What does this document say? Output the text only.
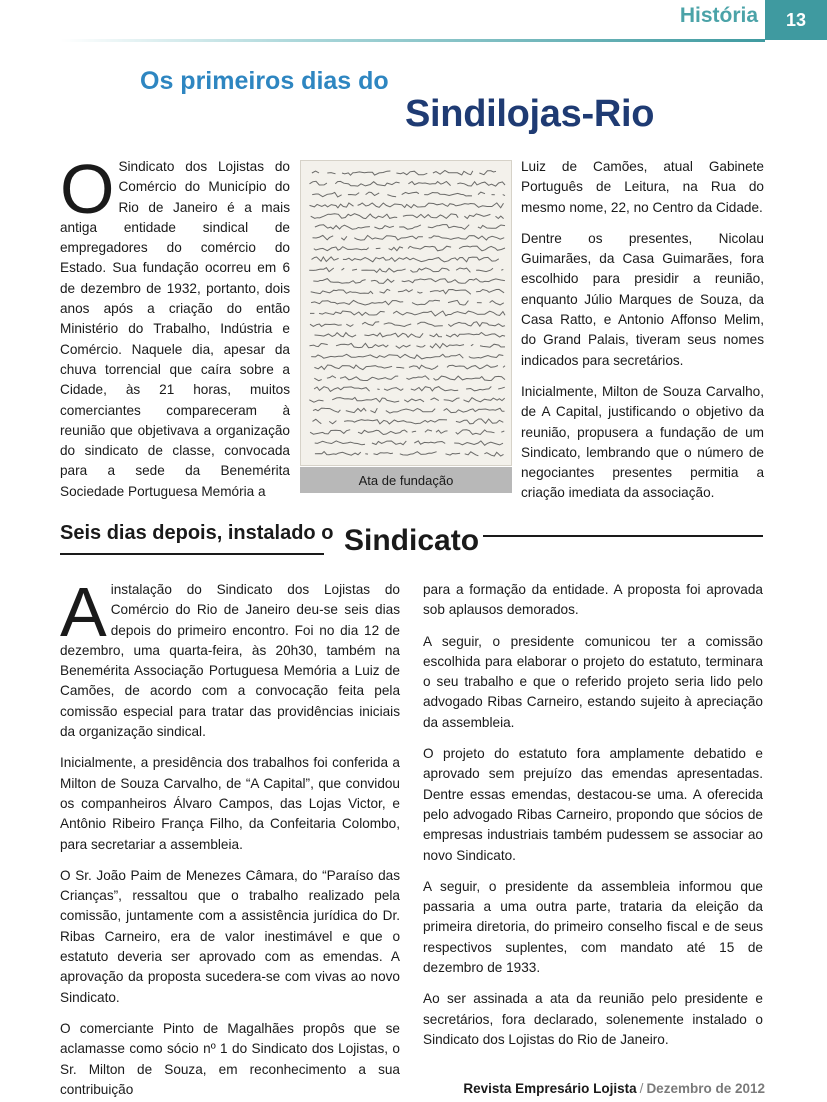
História	13
Os primeiros dias do
Sindilojas-Rio
O Sindicato dos Lojistas do Comércio do Município do Rio de Janeiro é a mais antiga entidade sindical de empregadores do comércio do Estado. Sua fundação ocorreu em 6 de dezembro de 1932, portanto, dois anos após a criação do então Ministério do Trabalho, Indústria e Comércio. Naquele dia, apesar da chuva torrencial que caíra sobre a Cidade, às 21 horas, muitos comerciantes compareceram à reunião que objetivava a organização do sindicato de classe, convocada para a sede da Benemérita Sociedade Portuguesa Memória a
Ata de fundação

Luiz de Camões, atual Gabinete Português de Leitura, na Rua do mesmo nome, 22, no Centro da Cidade.

Dentre os presentes, Nicolau Guimarães, da Casa Guimarães, fora escolhido para presidir a reunião, enquanto Júlio Marques de Souza, da Casa Ratto, e Antonio Affonso Melim, do Grand Palais, tiveram seus nomes indicados para secretários.

Inicialmente, Milton de Souza Carvalho, de A Capital, justificando o objetivo da reunião, propusera a fundação de um Sindicato, lembrando que o número de negociantes presentes permitia a criação imediata da associação.

Seis dias depois, instalado o Sindicato

Ainstalação do Sindicato dos Lojistas do Comércio do Rio de Janeiro deu-se seis dias depois do primeiro encontro. Foi no dia 12 de dezembro, uma quarta-feira, às 20h30, também na Benemérita Associação Portuguesa Memória a Luiz de Camões, de acordo com a convocação feita pela comissão especial para tratar das providências iniciais da organização sindical.

Inicialmente, a presidência dos trabalhos foi conferida a Milton de Souza Carvalho, de “A Capital”, que convidou os companheiros Álvaro Campos, das Lojas Victor, e Antônio Ribeiro França Filho, da Confeitaria Colombo, para secretariar a assembleia.

O Sr. João Paim de Menezes Câmara, do “Paraíso das Crianças”, ressaltou que o trabalho realizado pela comissão, juntamente com a assistência jurídica do Dr. Ribas Carneiro, era de valor inestimável e que o estatuto deveria ser aprovado com as emendas. A aprovação da proposta sucedera-se com vivas ao novo Sindicato.

O comerciante Pinto de Magalhães propôs que se aclamasse como sócio nº 1 do Sindicato dos Lojistas, o Sr. Milton de Souza, em reconhecimento a sua contribuição

para a formação da entidade. A proposta foi aprovada sob aplausos demorados.

A seguir, o presidente comunicou ter a comissão escolhida para elaborar o projeto do estatuto, terminara o seu trabalho e que o referido projeto seria lido pelo advogado Ribas Carneiro, estando sujeito à apreciação da assembleia.

O projeto do estatuto fora amplamente debatido e aprovado sem prejuízo das emendas apresentadas. Dentre essas emendas, destacou-se uma. A oferecida pelo advogado Ribas Carneiro, propondo que sócios de empresas industriais também pudessem se associar ao novo Sindicato.

A seguir, o presidente da assembleia informou que passaria a uma outra parte, trataria da eleição da primeira diretoria, do primeiro conselho fiscal e de seus respectivos suplentes, com mandato até 15 de dezembro de 1933.

Ao ser assinada a ata da reunião pelo presidente e secretários, fora declarado, solenemente instalado o Sindicato dos Lojistas do Rio de Janeiro.

Revista Empresário Lojista / Dezembro de 2012
